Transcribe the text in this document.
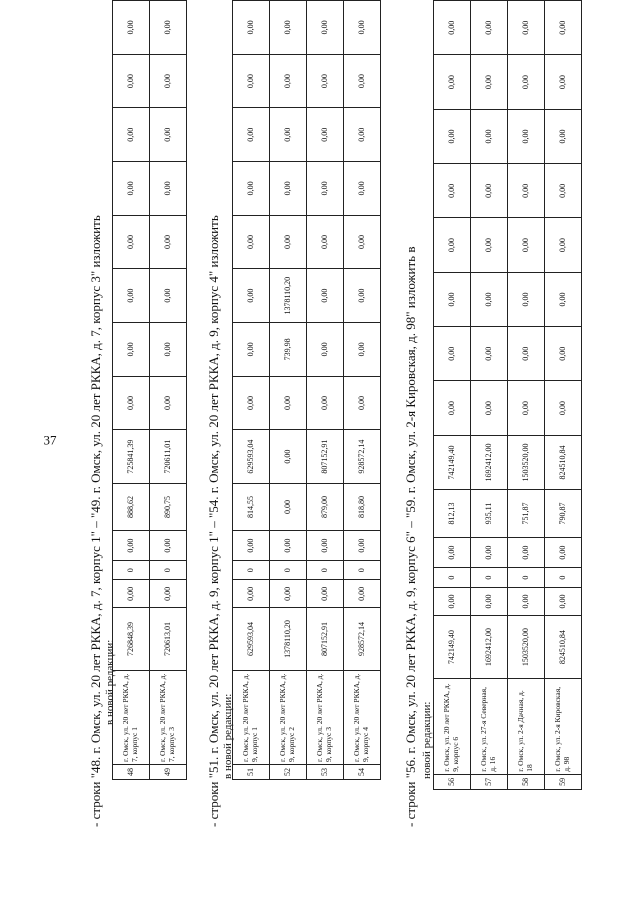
37 - строки "48. г. Омск, ул. 20 лет РККА, д. 7, корпус 1" – "49. г. Омск, ул. 20 лет РККА, д. 7, корпус 3" изложить в новой редакции:
48	г. Омск, ул. 20 лет РККА, д. 7, корпус 1	726848,39	0,00	0	0,00	888,62	725841,39	0,00	0,00	0,00	0,00	0,00	0,00	0,00	0,00
49	г. Омск, ул. 20 лет РККА, д. 7, корпус 3	720613,01	0,00	0	0,00	890,75	720611,01	0,00	0,00	0,00	0,00	0,00	0,00	0,00	0,00
- строки "51. г. Омск, ул. 20 лет РККА, д. 9, корпус 1" – "54. г. Омск, ул. 20 лет РККА, д. 9, корпус 4" изложить в новой редакции: 51	г. Омск, ул. 20 лет РККА, д. 9, корпус 1	629593,04	0,00	0	0,00	814,55	629593,04	0,00	0,00	0,00	0,00	0,00	0,00	0,00	0,00
52	г. Омск, ул. 20 лет РККА, д. 9, корпус 2	1378110,20	0,00	0	0,00	0,00	0,00	0,00	739,98	1378110,20	0,00	0,00	0,00	0,00	0,00
53	г. Омск, ул. 20 лет РККА, д. 9, корпус 3	807152,91	0,00	0	0,00	879,00	807152,91	0,00	0,00	0,00	0,00	0,00	0,00	0,00	0,00
54	г. Омск, ул. 20 лет РККА, д. 9, корпус 4	928572,14	0,00	0	0,00	818,80	928572,14	0,00	0,00	0,00	0,00	0,00	0,00	0,00	0,00
- строки "56. г. Омск, ул. 20 лет РККА, д. 9, корпус 6" – "59. г. Омск, ул. 2-я Кировская, д. 98" изложить в новой редакции:
56	г. Омск, ул. 20 лет РККА, д. 9, корпус 6	742149,40	0,00	0	0,00	812,13	742149,40	0,00	0,00	0,00	0,00	0,00	0,00	0,00	0,00
57	г. Омск, ул. 27-я Северная, д. 16	1692412,00	0,00	0	0,00	935,11	1692412,00	0,00	0,00	0,00	0,00	0,00	0,00	0,00	0,00
58	г. Омск, ул. 2-я Дачная, д. 18	1503520,00	0,00	0	0,00	751,87	1503520,00	0,00	0,00	0,00	0,00	0,00	0,00	0,00	0,00
59	г. Омск, ул. 2-я Кировская, д. 98	824510,84	0,00	0	0,00	790,87	824510,84	0,00	0,00	0,00	0,00	0,00	0,00	0,00	0,00
